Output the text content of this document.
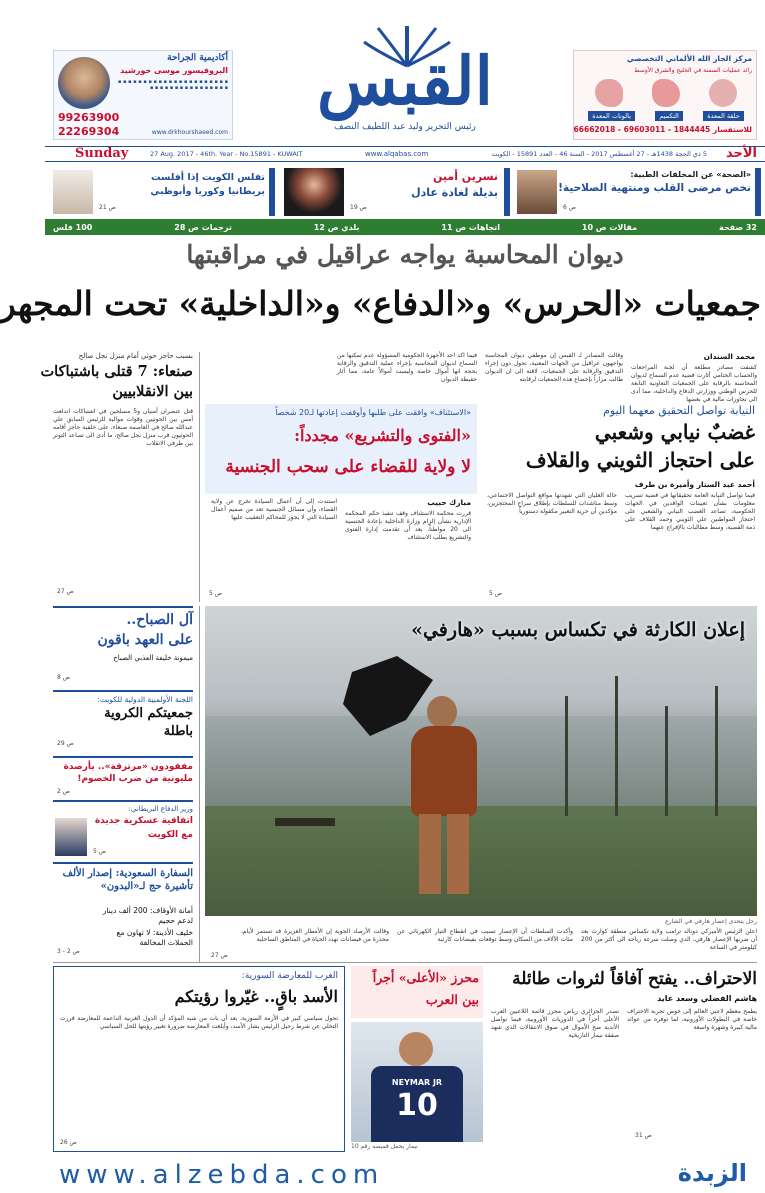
أكاديمية الجراحة
البروفيسور موسى خورشيد
▪ ▪ ▪ ▪ ▪ ▪ ▪ ▪ ▪ ▪ ▪ ▪ ▪ ▪ ▪ ▪ ▪ ▪ ▪ ▪ ▪ ▪ ▪ ▪ ▪ ▪ ▪ ▪ ▪ ▪ ▪ ▪ ▪ ▪ ▪ ▪ ▪ ▪
99263900
22269304	www.drkhourshaeed.com
القبس
رئيس التحرير وليد عبد اللطيف النصف
مركز الجار الله الألماني التخصصي
رائد عمليات السمنة في الخليج والشرق الأوسط
حلقة المعدة
التكميم
بالونات المعدة
للاستفسار 1844445 - 69603011 - 66662018
Sunday	27 Aug. 2017 - 46th. Year - No.15891 - KUWAIT	www.alqabas.com	5 ذي الحجة 1438هـ - 27 أغسطس 2017 - السنة 46 - العدد 15891 - الكويت الأحد
«الصحة» عن المخلفات الطبية:
نخص مرضى القلب ومنتهية الصلاحية!
ص 6
نسرين أمين
بديلة لغادة عادل
ص 19
تفلس الكويت إذا أفلست
بريطانيا وكوريا وأبوظبي
ص 21
32 صفحة
مقالات ص 10
اتجاهات ص 11
بلدي ص 12
ترجمات ص 28
100 فلس
ديوان المحاسبة يواجه عراقيل في مراقبتها
جمعيات «الحرس» و«الدفاع» و«الداخلية» تحت المجهر
محمد السندان
كشفت مصادر مطلعة أن لجنة المراجعات والحساب الختامي أثارت قضية عدم السماح لديوان المحاسبة بالرقابة على الجمعيات التعاونية التابعة للحرس الوطني ووزارتي الدفاع والداخلية، مما أدى الى تجاوزات مالية في بعضها
وقالت المصادر لـ القبس إن موظفي ديوان المحاسبة يواجهون عراقيل من الجهات المعنية، تحول دون إجراء التدقيق والرقابة على الجمعيات، لافتة الى ان الديوان طالب مراراً بإخضاع هذه الجمعيات لرقابته
فيما اكد احد الأجهزة الحكومية المسؤولة عدم تمكنها من السماح لديوان المحاسبة بإجراء عملية التدقيق والرقابة بحجة انها أموال خاصة وليست أموالاً عامة، مما أثار حفيظة الديوان
بسبب حاجز حوثي أمام منزل نجل صالح
صنعاء: 7 قتلى باشتباكات
بين الانقلابيين
قتل عنصران أمنيان و5 مسلحين في اشتباكات اندلعت أمس بين الحوثيين وقوات موالية للرئيس السابق علي عبدالله صالح في العاصمة صنعاء، على خلفية حاجز أقامه الحوثيون قرب منزل نجل صالح، ما أدى الى تصاعد التوتر بين طرفي الانقلاب
ص 27
النيابة تواصل التحقيق معهما اليوم
غضبٌ نيابي وشعبي
على احتجاز الثويني والقلاف
أحمد عبد الستار وأميرة بن طرف
فيما تواصل النيابة العامة تحقيقاتها في قضية تسريب معلومات بشأن تعيينات الوافدين في الجهات الحكومية، تصاعد الغضب النيابي والشعبي على احتجاز المواطنين علي الثويني وحمد القلاف على ذمة القضية، وسط مطالبات بالإفراج عنهما
حالة الغليان التي شهدتها مواقع التواصل الاجتماعي، وسط مناشدات للسلطات بإطلاق سراح المحتجزين، مؤكدين أن حرية التعبير مكفولة دستورياً
ص 5
«الاستئناف» وافقت على طلبها وأوقفت إعادتها لـ20 شخصاً
«الفتوى والتشريع» مجدداً:
لا ولاية للقضاء على سحب الجنسية
مبارك حبيب
قررت محكمة الاستئناف وقف تنفيذ حكم المحكمة الإدارية بشأن إلزام وزارة الداخلية بإعادة الجنسية الى 20 مواطناً، بعد أن تقدمت إدارة الفتوى والتشريع بطلب الاستئناف
استندت إلى أن أعمال السيادة تخرج عن ولاية القضاء، وأن مسائل الجنسية تعد من صميم أعمال السيادة التي لا يجوز للمحاكم التعقيب عليها
ص 5
آل الصباح..
على العهد باقون
ميمونة خليفة العذبي الصباح
ص 8
اللجنة الأولمبية الدولية للكويت:
جمعيتكم الكروية
باطلة
ص 29
مفقودون «مرتزقة».. بأرصدة مليونية من ضرب الخصوم!
ص 2
وزير الدفاع البريطاني:
اتفاقية عسكرية جديدة
مع الكويت
ص 5
السفارة السعودية: إصدار الألف تأشيرة حج لـ«البدون»
أمانة الأوقاف: 200 ألف دينار
لدعم حجيم
خليف الأذينة: لا تهاون مع
الحملات المخالفة
ص 2 - 3
إعلان الكارثة في تكساس بسبب «هارفي»
رجل يتحدى إعصار هارفي في الشارع
اعلن الرئيس الأميركي دونالد ترامب ولاية تكساس منطقة كوارث بعد أن ضربها الإعصار هارفي، الذي وصلت سرعة رياحه الى أكثر من 200 كيلومتر في الساعة
وأكدت السلطات أن الإعصار تسبب في انقطاع التيار الكهربائي عن مئات الآلاف من السكان وسط توقعات بفيضانات كارثية
وقالت الأرصاد الجوية إن الأمطار الغزيرة قد تستمر لأيام، محذرة من فيضانات تهدد الحياة في المناطق الساحلية
ص 27
الاحتراف.. يفتح آفاقاً لثروات طائلة
هاشم الفضلي وسعد عايد
يطمح معظم لاعبي العالم إلى خوض تجربة الاحتراف خاصة في البطولات الأوروبية، لما توفره من عوائد مالية كبيرة وشهرة واسعة
تصدر الجزائري رياض محرز قائمة اللاعبين العرب الأعلى أجراً في الدوريات الأوروبية، فيما تواصل الأندية ضخ الأموال في سوق الانتقالات الذي شهد صفقة نيمار التاريخية
ص 31
محرز «الأعلى» أجراً
بين العرب
NEYMAR JR
10
نيمار يحمل قميصه رقم 10
الغرب للمعارضة السورية:
الأسد باقٍ.. غيّروا رؤيتكم
تحول سياسي كبير في الأزمة السورية، بعد أن بات من شبه المؤكد أن الدول الغربية الداعمة للمعارضة قررت التخلي عن شرط رحيل الرئيس بشار الأسد، وأبلغت المعارضة ضرورة تغيير رؤيتها للحل السياسي
ص 26
www.alzebda.com	الزبدة
